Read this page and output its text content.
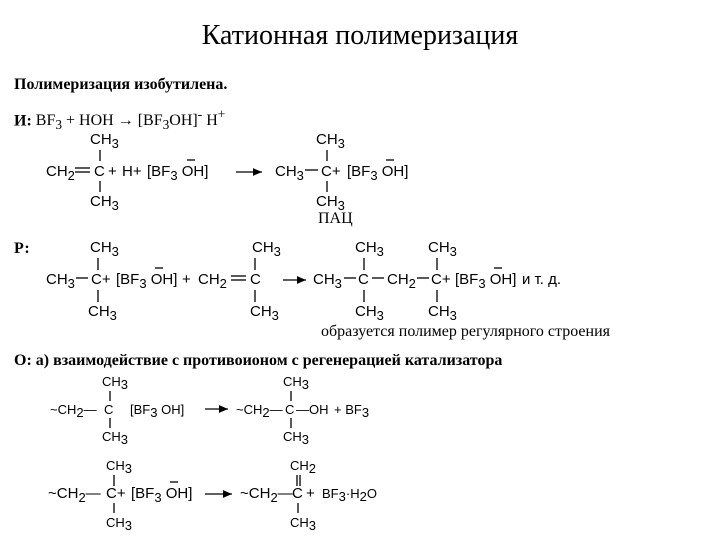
Катионная полимеризация
Полимеризация изобутилена.
И: $BF_3$ + HOH → $[BF_3OH]^-$ H+
ПАЦ
Р:
образуется полимер регулярного строения
О: а) взаимодействие с противоионом с регенерацией катализатора
CH3
CH2 C + H+ [BF3 OH]
CH3
CH3
CH3 C+ [BF3 OH]
CH3
CH3
CH3 C+ [BF3 OH]
CH3
+ CH2 C
CH3
CH3
CH3 C
CH3
CH3
CH2 C+
CH3
CH3
[BF3 OH] и т. д.
CH3
~CH2— C [BF3 OH]
CH3
CH3
~CH2— C —OH + BF3
CH3
CH3
~CH2— C+ [BF3 OH]
CH3
CH2
~CH2— C + BF3·H2O
CH3
